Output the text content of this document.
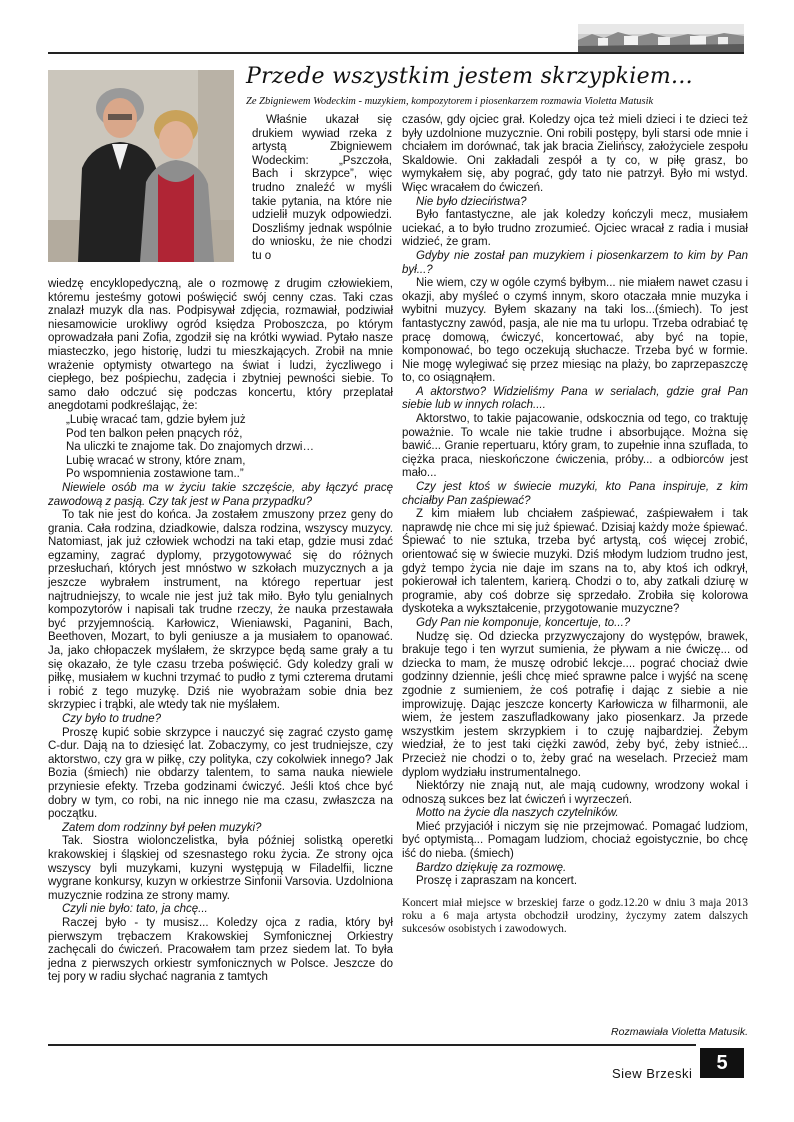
Przede wszystkim jestem skrzypkiem...
Ze Zbigniewem Wodeckim - muzykiem, kompozytorem i piosenkarzem rozmawia Violetta Matusik

Właśnie ukazał się drukiem wywiad rzeka z artystą Zbigniewem Wodeckim: „Pszczoła, Bach i skrzypce”, więc trudno znaleźć w myśli takie pytania, na które nie udzielił muzyk odpowiedzi. Doszliśmy jednak wspólnie do wniosku, że nie chodzi tu o

wiedzę encyklopedyczną, ale o rozmowę z drugim człowiekiem, któremu jesteśmy gotowi poświęcić swój cenny czas. Taki czas znalazł muzyk dla nas. Podpisywał zdjęcia, rozmawiał, podziwiał niesamowicie urokliwy ogród księdza Proboszcza, po którym oprowadzała pani Zofia, zgodził się na krótki wywiad. Pytało nasze miasteczko, jego historię, ludzi tu mieszkających. Zrobił na mnie wrażenie optymisty otwartego na świat i ludzi, życzliwego i ciepłego, bez pośpiechu, zadęcia i zbytniej pewności siebie. To samo dało odczuć się podczas koncertu, który przeplatał anegdotami podkreślając, że:

„Lubię wracać tam, gdzie byłem już

Pod ten balkon pełen pnących róż,

Na uliczki te znajome tak. Do znajomych drzwi…

Lubię wracać w strony, które znam,

Po wspomnienia zostawione tam..”

Niewiele osób ma w życiu takie szczęście, aby łączyć pracę zawodową z pasją. Czy tak jest w Pana przypadku?

To tak nie jest do końca. Ja zostałem zmuszony przez geny do grania. Cała rodzina, dziadkowie, dalsza rodzina, wszyscy muzycy. Natomiast, jak już człowiek wchodzi na taki etap, gdzie musi zdać egzaminy, zagrać dyplomy, przygotowywać się do różnych przesłuchań, których jest mnóstwo w szkołach muzycznych a ja jeszcze wybrałem instrument, na którego repertuar jest najtrudniejszy, to wcale nie jest już tak miło. Było tylu genialnych kompozytorów i napisali tak trudne rzeczy, że nauka przestawała być przyjemnością. Karłowicz, Wieniawski, Paganini, Bach, Beethoven, Mozart, to byli geniusze a ja musiałem to opanować. Ja, jako chłopaczek myślałem, że skrzypce będą same grały a tu się okazało, że tyle czasu trzeba poświęcić. Gdy koledzy grali w piłkę, musiałem w kuchni trzymać to pudło z tymi czterema drutami i robić z tego muzykę. Dziś nie wyobrażam sobie dnia bez skrzypiec i trąbki, ale wtedy tak nie myślałem.

Czy było to trudne?

Proszę kupić sobie skrzypce i nauczyć się zagrać czysto gamę C-dur. Dają na to dziesięć lat. Zobaczymy, co jest trudniejsze, czy aktorstwo, czy gra w piłkę, czy polityka, czy cokolwiek innego? Jak Bozia (śmiech) nie obdarzy talentem, to sama nauka niewiele przyniesie efekty. Trzeba godzinami ćwiczyć. Jeśli ktoś chce być dobry w tym, co robi, na nic innego nie ma czasu, zwłaszcza na początku.

Zatem dom rodzinny był pełen muzyki?

Tak. Siostra wiolonczelistka, była później solistką operetki krakowskiej i śląskiej od szesnastego roku życia. Ze strony ojca wszyscy byli muzykami, kuzyni występują w Filadelfii, liczne wygrane konkursy, kuzyn w orkiestrze Sinfonii Varsovia. Uzdolniona muzycznie rodzina ze strony mamy.

Czyli nie było: tato, ja chcę...

Raczej było - ty musisz... Koledzy ojca z radia, który był pierwszym trębaczem Krakowskiej Symfonicznej Orkiestry zachęcali do ćwiczeń. Pracowałem tam przez siedem lat. To była jedna z pierwszych orkiestr symfonicznych w Polsce. Jeszcze do tej pory w radiu słychać nagrania z tamtych

czasów, gdy ojciec grał. Koledzy ojca też mieli dzieci i te dzieci też były uzdolnione muzycznie. Oni robili postępy, byli starsi ode mnie i chciałem im dorównać, tak jak bracia Zielińscy, założyciele zespołu Skaldowie. Oni zakładali zespół a ty co, w piłę grasz, bo wymykałem się, aby pograć, gdy tato nie patrzył. Było mi wstyd. Więc wracałem do ćwiczeń.

Nie było dzieciństwa?

Było fantastyczne, ale jak koledzy kończyli mecz, musiałem uciekać, a to było trudno zrozumieć. Ojciec wracał z radia i musiał widzieć, że gram.

Gdyby nie został pan muzykiem i piosenkarzem to kim by Pan był...?

Nie wiem, czy w ogóle czymś byłbym... nie miałem nawet czasu i okazji, aby myśleć o czymś innym, skoro otaczała mnie muzyka i wybitni muzycy. Byłem skazany na taki los...(śmiech). To jest fantastyczny zawód, pasja, ale nie ma tu urlopu. Trzeba odrabiać tę pracę domową, ćwiczyć, koncertować, aby być na topie, komponować, bo tego oczekują słuchacze. Trzeba być w formie. Nie mogę wylegiwać się przez miesiąc na plaży, bo zaprzepaszczę to, co osiągnąłem.

A aktorstwo? Widzieliśmy Pana w serialach, gdzie grał Pan siebie lub w innych rolach....

Aktorstwo, to takie pajacowanie, odskocznia od tego, co traktuję poważnie. To wcale nie takie trudne i absorbujące. Można się bawić... Granie repertuaru, który gram, to zupełnie inna szuflada, to ciężka praca, nieskończone ćwiczenia, próby... a odbiorców jest mało...

Czy jest ktoś w świecie muzyki, kto Pana inspiruje, z kim chciałby Pan zaśpiewać?

Z kim miałem lub chciałem zaśpiewać, zaśpiewałem i tak naprawdę nie chce mi się już śpiewać. Dzisiaj każdy może śpiewać. Śpiewać to nie sztuka, trzeba być artystą, coś więcej zrobić, orientować się w świecie muzyki. Dziś młodym ludziom trudno jest, gdyż tempo życia nie daje im szans na to, aby ktoś ich odkrył, pokierował ich talentem, karierą. Chodzi o to, aby zatkali dziurę w programie, aby coś dobrze się sprzedało. Zrobiła się kolorowa dyskoteka a wykształcenie, przygotowanie muzyczne?

Gdy Pan nie komponuje, koncertuje, to...?

Nudzę się. Od dziecka przyzwyczajony do występów, brawek, brakuje tego i ten wyrzut sumienia, że pływam a nie ćwiczę... od dziecka to mam, że muszę odrobić lekcje.... pograć chociaż dwie godzinny dziennie, jeśli chcę mieć sprawne palce i wyjść na scenę zgodnie z sumieniem, że coś potrafię i dając z siebie a nie improwizuję. Dając jeszcze koncerty Karłowicza w filharmonii, ale wiem, że jestem zaszufladkowany jako piosenkarz. Ja przede wszystkim jestem skrzypkiem i to czuję najbardziej. Żebym wiedział, że to jest taki ciężki zawód, żeby być, żeby istnieć... Przecież nie chodzi o to, żeby grać na weselach. Przecież mam dyplom wydziału instrumentalnego.

Niektórzy nie znają nut, ale mają cudowny, wrodzony wokal i odnoszą sukces bez lat ćwiczeń i wyrzeczeń.

Motto na życie dla naszych czytelników.

Mieć przyjaciół i niczym się nie przejmować. Pomagać ludziom, być optymistą... Pomagam ludziom, chociaż egoistycznie, bo chcę iść do nieba. (śmiech)

Bardzo dziękuję za rozmowę.

Proszę i zapraszam na koncert.

Koncert miał miejsce w brzeskiej farze o godz.12.20 w dniu 3 maja 2013 roku a 6 maja artysta obchodził urodziny, życzymy zatem dalszych sukcesów osobistych i zawodowych.

Rozmawiała Violetta Matusik.
Siew Brzeski	5
